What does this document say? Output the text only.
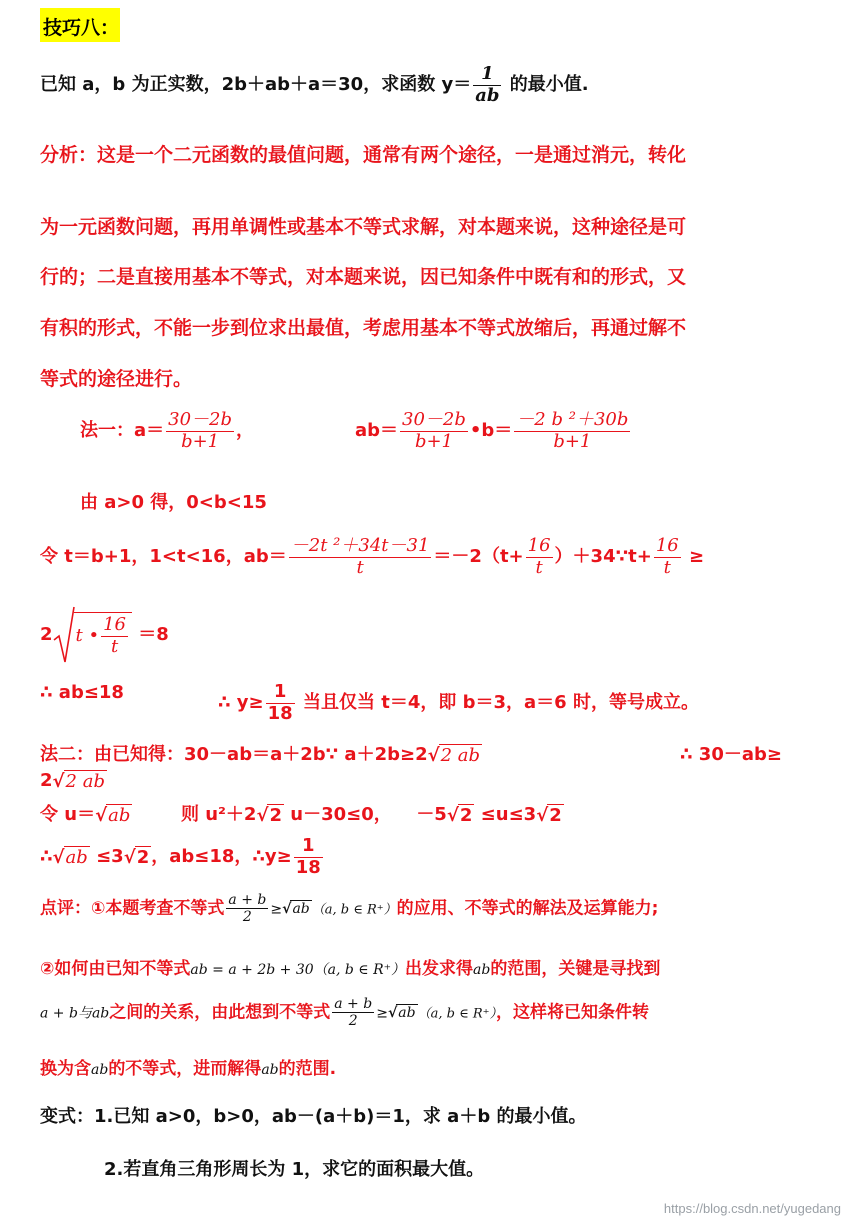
技巧八：
已知 a，b 为正实数，2b＋ab＋a＝30，求函数 $y= \frac{1}{ab}$ 的最小值.
分析：这是一个二元函数的最值问题，通常有两个途径，一是通过消元，转化
为一元函数问题，再用单调性或基本不等式求解，对本题来说，这种途径是可
行的；二是直接用基本不等式，对本题来说，因已知条件中既有和的形式，又
有积的形式，不能一步到位求出最值，考虑用基本不等式放缩后，再通过解不
等式的途径进行。
法一：$a= \frac{30-2b}{b+1}$ ，	$ab= \frac{30-2b}{b+1}$ •b＝ $\frac{\text{－2 b ²＋30b}}{b+1}$
由 a>0 得，0<b<15
令 t＝b+1，1<t<16，$ab= \frac{\text{－2t ²＋34t－31}}{t} =-2(t+ \frac{16}{t}$ ）＋34∵t+ $\frac{16}{t}$ ≥
2 t • $\frac{16}{t} =8$
∴ ab≤18	∴ $y\ge \frac{1}{18}$ 当且仅当 t＝4，即 b＝3，a＝6 时，等号成立。
法二：由已知得：30－ab＝a＋2b∵ a＋2b≥2√2 ab	∴ 30－ab≥
2√2 ab
令 u＝√ab	则 u²＋2√2 u－30≤0， －5√2 ≤u≤3√2
∴√ab ≤3√2 ，ab≤18，∴y≥ $\frac{1}{18}$
点评：①本题考查不等式 $\frac{a + b}{2} \ge√ab$ （a, b ∈ R⁺）的应用、不等式的解法及运算能力;
②如何由已知不等式ab = a + 2b + 30（a, b ∈ R⁺）出发求得ab的范围，关键是寻找到
a + b与ab之间的关系，由此想到不等式 $\frac{a + b}{2} \ge√ab$ （a, b ∈ R⁺），这样将已知条件转
换为含ab的不等式，进而解得ab的范围.
变式：1.已知 a>0，b>0，ab－(a＋b)＝1，求 a＋b 的最小值。
2.若直角三角形周长为 1，求它的面积最大值。
https://blog.csdn.net/yugedang
